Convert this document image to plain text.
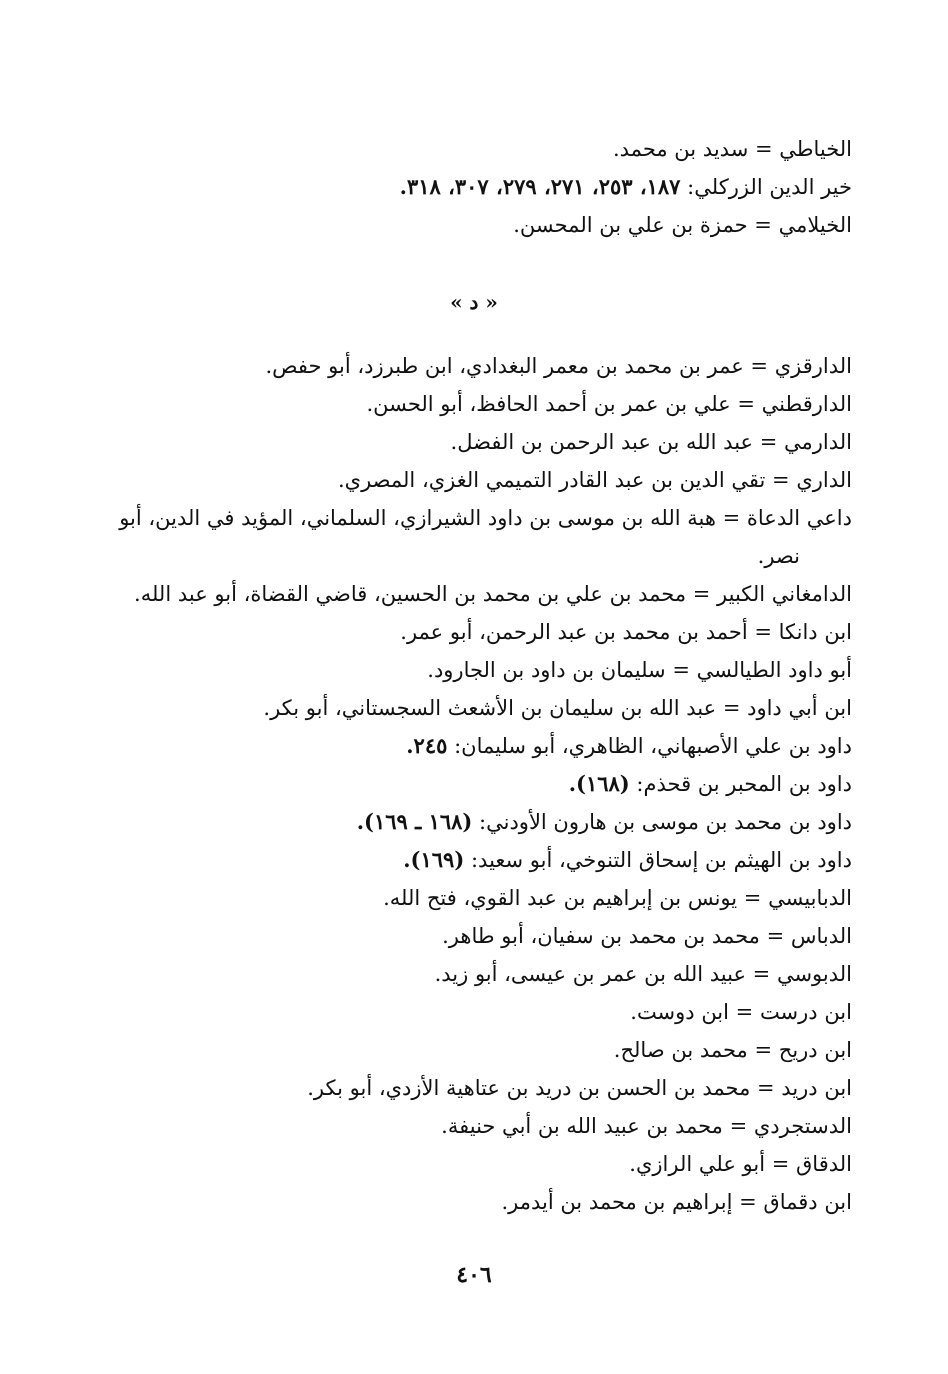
الخياطي = سديد بن محمد.
خير الدين الزركلي: ١٨٧، ٢٥٣، ٢٧١، ٢٧٩، ٣٠٧، ٣١٨.
الخيلامي = حمزة بن علي بن المحسن.
« د »
الدارقزي = عمر بن محمد بن معمر البغدادي، ابن طبرزد، أبو حفص.
الدارقطني = علي بن عمر بن أحمد الحافظ، أبو الحسن.
الدارمي = عبد الله بن عبد الرحمن بن الفضل.
الداري = تقي الدين بن عبد القادر التميمي الغزي، المصري.
داعي الدعاة = هبة الله بن موسى بن داود الشيرازي، السلماني، المؤيد في الدين، أبو
نصر.
الدامغاني الكبير = محمد بن علي بن محمد بن الحسين، قاضي القضاة، أبو عبد الله.
ابن دانكا = أحمد بن محمد بن عبد الرحمن، أبو عمر.
أبو داود الطيالسي = سليمان بن داود بن الجارود.
ابن أبي داود = عبد الله بن سليمان بن الأشعث السجستاني، أبو بكر.
داود بن علي الأصبهاني، الظاهري، أبو سليمان: ٢٤٥.
داود بن المحبر بن قحذم: (١٦٨).
داود بن محمد بن موسى بن هارون الأودني: (١٦٨ ـ ١٦٩).
داود بن الهيثم بن إسحاق التنوخي، أبو سعيد: (١٦٩).
الدبابيسي = يونس بن إبراهيم بن عبد القوي، فتح الله.
الدباس = محمد بن محمد بن سفيان، أبو طاهر.
الدبوسي = عبيد الله بن عمر بن عيسى، أبو زيد.
ابن درست = ابن دوست.
ابن دريح = محمد بن صالح.
ابن دريد = محمد بن الحسن بن دريد بن عتاهية الأزدي، أبو بكر.
الدستجردي = محمد بن عبيد الله بن أبي حنيفة.
الدقاق = أبو علي الرازي.
ابن دقماق = إبراهيم بن محمد بن أيدمر.
٤٠٦
